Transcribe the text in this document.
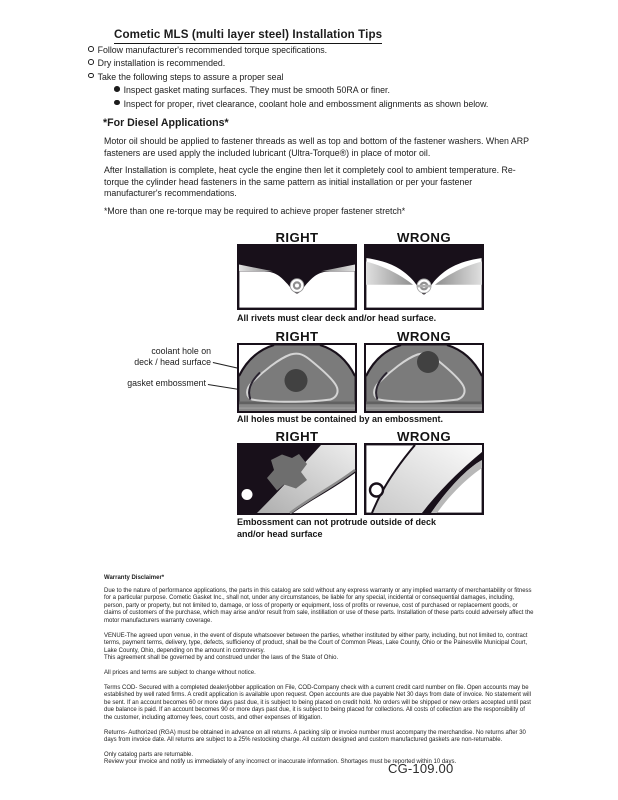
Cometic MLS (multi layer steel) Installation Tips
Follow manufacturer's recommended torque specifications.
Dry installation is recommended.
Take the following steps to assure a proper seal
Inspect gasket mating surfaces. They must be smooth 50RA or finer.
Inspect for proper, rivet clearance, coolant hole and embossment alignments as shown below.
*For Diesel Applications*
Motor oil should be applied to fastener threads as well as top and bottom of the fastener washers. When ARP fasteners are used apply the included lubricant (Ultra-Torque®) in place of motor oil.
After Installation is complete, heat cycle the engine then let it completely cool to ambient temperature. Re-torque the cylinder head fasteners in the same pattern as initial installation or per your fastener manufacturer's recommendations.
*More than one re-torque may be required to achieve proper fastener stretch*
RIGHT	WRONG
All rivets must clear deck and/or head surface.
RIGHT	WRONG
coolant hole on
deck / head surface
gasket embossment
All holes must be contained by an embossment.
RIGHT	WRONG
Embossment can not protrude outside of deck
and/or head surface
Warranty Disclaimer*

Due to the nature of performance applications, the parts in this catalog are sold without any express warranty or any implied warranty of merchantability or fitness for a particular purpose. Cometic Gasket Inc., shall not, under any circumstances, be liable for any special, incidental or consequential damages, including, person, party or property, but not limited to, damage, or loss of property or equipment, loss of profits or revenue, cost of purchased or replacement goods, or claims of customers of the purchase, which may arise and/or result from sale, instillation or use of these parts. Installation of these parts could adversely affect the motor manufacturers warranty coverage.

VENUE-The agreed upon venue, in the event of dispute whatsoever between the parties, whether instituted by either party, including, but not limited to, contract terms, payment terms, delivery, type, defects, sufficiency of product, shall be the Court of Common Pleas, Lake County, Ohio or the Painesville Municipal Court, Lake County, Ohio, depending on the amount in controversy.

This agreement shall be governed by and construed under the laws of the State of Ohio.

All prices and terms are subject to change without notice.

Terms COD- Secured with a completed dealer/jobber application on File, COD-Company check with a current credit card number on file. Open accounts may be established by well rated firms. A credit application is available upon request. Open accounts are due payable Net 30 days from date of invoice. No statement will be sent. If an account becomes 60 or more days past due, it is subject to being placed on credit hold. No orders will be shipped or new orders accepted until past due balance is paid. If an account becomes 90 or more days past due, it is subject to being placed for collections. All costs of collection are the responsibility of the customer, including attorney fees, court costs, and other expenses of litigation.

Returns- Authorized (RGA) must be obtained in advance on all returns. A packing slip or invoice number must accompany the merchandise. No returns after 30 days from invoice date. All returns are subject to a 25% restocking charge. All custom designed and custom manufactured gaskets are non-returnable.

Only catalog parts are returnable.

Review your invoice and notify us immediately of any incorrect or inaccurate information. Shortages must be reported within 10 days.

CG-109.00
